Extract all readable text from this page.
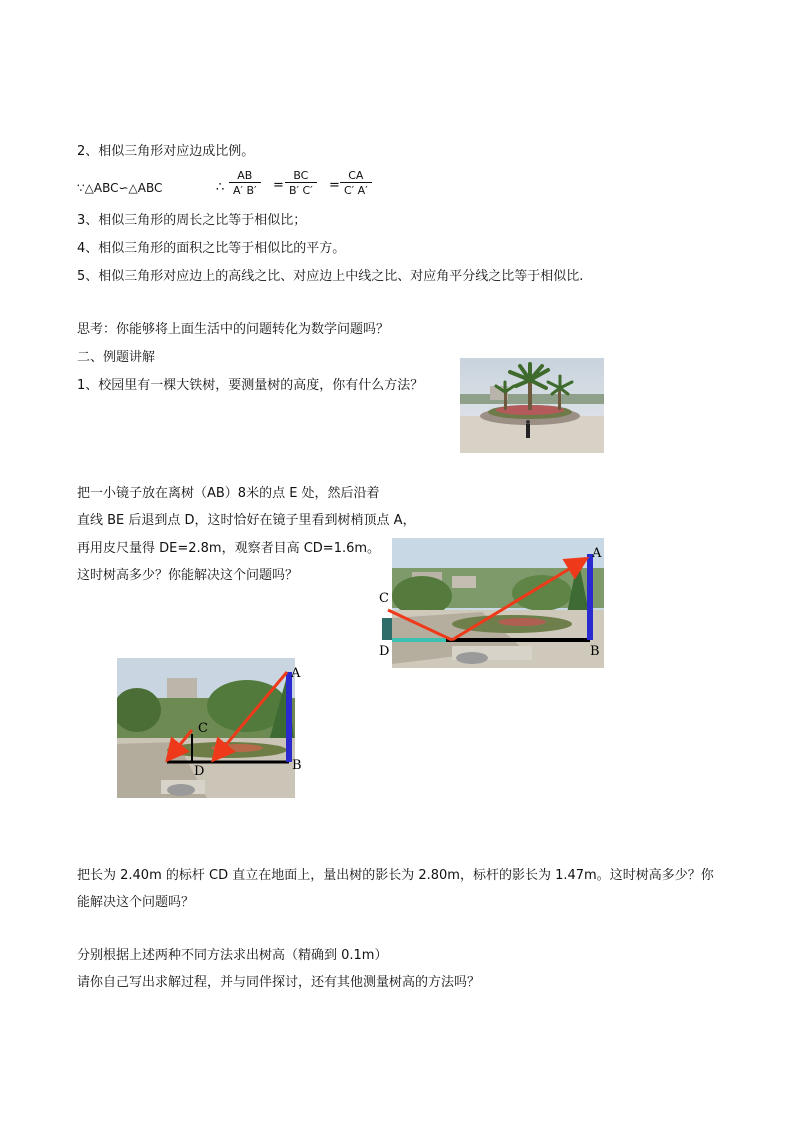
2、相似三角形对应边成比例。
∵△ABC∽△ABC	∴ $\frac{AB}{A' B'} = \frac{BC}{B' C'} = \frac{CA}{C' A'}$
3、相似三角形的周长之比等于相似比；
4、相似三角形的面积之比等于相似比的平方。
5、相似三角形对应边上的高线之比、对应边上中线之比、对应角平分线之比等于相似比.
思考：你能够将上面生活中的问题转化为数学问题吗？
二、例题讲解
1、校园里有一棵大铁树，要测量树的高度，你有什么方法？
把一小镜子放在离树（AB）8米的点 E 处，然后沿着
直线 BE 后退到点 D，这时恰好在镜子里看到树梢顶点 A，
再用皮尺量得 DE=2.8m，观察者目高 CD=1.6m。
这时树高多少？你能解决这个问题吗？
A
B
C
D
A
B
C
D
把长为 2.40m 的标杆 CD 直立在地面上，量出树的影长为 2.80m，标杆的影长为 1.47m。这时树高多少？你
能解决这个问题吗？
分别根据上述两种不同方法求出树高（精确到 0.1m）
请你自己写出求解过程，并与同伴探讨，还有其他测量树高的方法吗？
